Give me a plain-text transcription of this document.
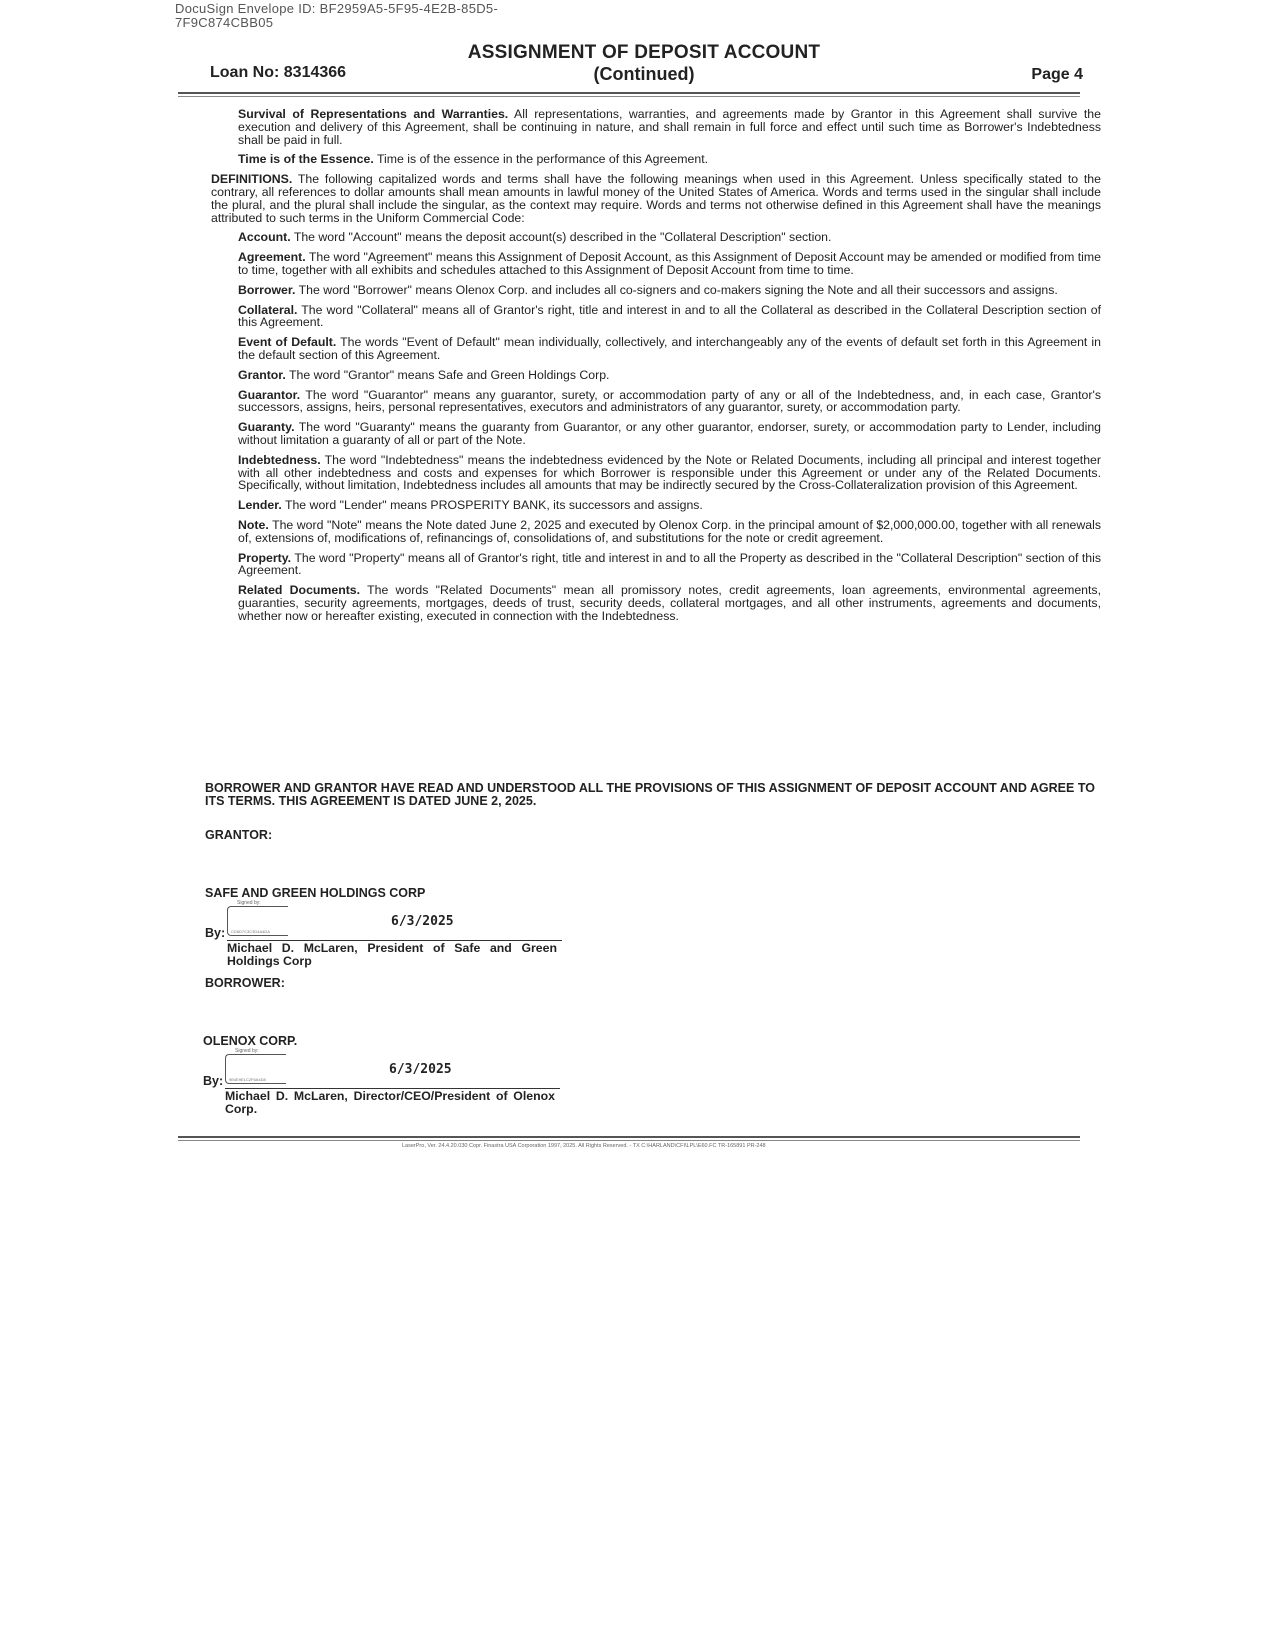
DocuSign Envelope ID: BF2959A5-5F95-4E2B-85D5-7F9C874CBB05
Loan No: 8314366
ASSIGNMENT OF DEPOSIT ACCOUNT
(Continued)	Page 4

Survival of Representations and Warranties. All representations, warranties, and agreements made by Grantor in this Agreement shall survive the execution and delivery of this Agreement, shall be continuing in nature, and shall remain in full force and effect until such time as Borrower's Indebtedness shall be paid in full.

Time is of the Essence. Time is of the essence in the performance of this Agreement.

DEFINITIONS. The following capitalized words and terms shall have the following meanings when used in this Agreement. Unless specifically stated to the contrary, all references to dollar amounts shall mean amounts in lawful money of the United States of America. Words and terms used in the singular shall include the plural, and the plural shall include the singular, as the context may require. Words and terms not otherwise defined in this Agreement shall have the meanings attributed to such terms in the Uniform Commercial Code:

Account. The word "Account" means the deposit account(s) described in the "Collateral Description" section.

Agreement. The word "Agreement" means this Assignment of Deposit Account, as this Assignment of Deposit Account may be amended or modified from time to time, together with all exhibits and schedules attached to this Assignment of Deposit Account from time to time.

Borrower. The word "Borrower" means Olenox Corp. and includes all co-signers and co-makers signing the Note and all their successors and assigns.

Collateral. The word "Collateral" means all of Grantor's right, title and interest in and to all the Collateral as described in the Collateral Description section of this Agreement.

Event of Default. The words "Event of Default" mean individually, collectively, and interchangeably any of the events of default set forth in this Agreement in the default section of this Agreement.

Grantor. The word "Grantor" means Safe and Green Holdings Corp.

Guarantor. The word "Guarantor" means any guarantor, surety, or accommodation party of any or all of the Indebtedness, and, in each case, Grantor's successors, assigns, heirs, personal representatives, executors and administrators of any guarantor, surety, or accommodation party.

Guaranty. The word "Guaranty" means the guaranty from Guarantor, or any other guarantor, endorser, surety, or accommodation party to Lender, including without limitation a guaranty of all or part of the Note.

Indebtedness. The word "Indebtedness" means the indebtedness evidenced by the Note or Related Documents, including all principal and interest together with all other indebtedness and costs and expenses for which Borrower is responsible under this Agreement or under any of the Related Documents. Specifically, without limitation, Indebtedness includes all amounts that may be indirectly secured by the Cross-Collateralization provision of this Agreement.

Lender. The word "Lender" means PROSPERITY BANK, its successors and assigns.

Note. The word "Note" means the Note dated June 2, 2025 and executed by Olenox Corp. in the principal amount of $2,000,000.00, together with all renewals of, extensions of, modifications of, refinancings of, consolidations of, and substitutions for the note or credit agreement.

Property. The word "Property" means all of Grantor's right, title and interest in and to all the Property as described in the "Collateral Description" section of this Agreement.

Related Documents. The words "Related Documents" mean all promissory notes, credit agreements, loan agreements, environmental agreements, guaranties, security agreements, mortgages, deeds of trust, security deeds, collateral mortgages, and all other instruments, agreements and documents, whether now or hereafter existing, executed in connection with the Indebtedness.

BORROWER AND GRANTOR HAVE READ AND UNDERSTOOD ALL THE PROVISIONS OF THIS ASSIGNMENT OF DEPOSIT ACCOUNT AND AGREE TO ITS TERMS. THIS AGREEMENT IS DATED JUNE 2, 2025.
GRANTOR:
SAFE AND GREEN HOLDINGS CORP
Signed by:
CD6D7C3C3D4A4DA
By:
6/3/2025
Michael D. McLaren, President of Safe and Green Holdings Corp
BORROWER:
OLENOX CORP.
Signed by:
9B4E9E1C2F6A4D8
By:
6/3/2025
Michael D. McLaren, Director/CEO/President of Olenox Corp.
LaserPro, Ver. 24.4.20.030 Copr. Finastra USA Corporation 1997, 2025. All Rights Reserved. - TX C:\HARLAND\CFI\LPL\E60.FC TR-165891 PR-248
